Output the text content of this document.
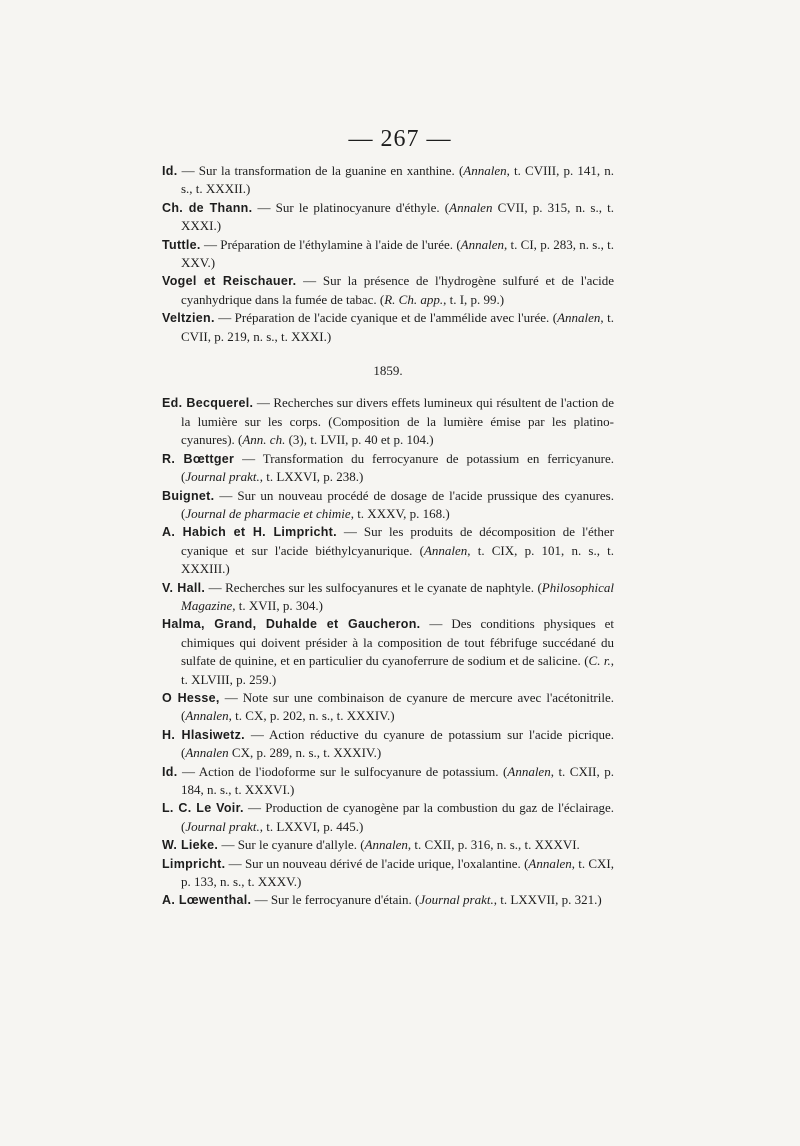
— 267 —

Id. — Sur la transformation de la guanine en xanthine. (Annalen, t. CVIII, p. 141, n. s., t. XXXII.)

Ch. de Thann. — Sur le platinocyanure d'éthyle. (Annalen CVII, p. 315, n. s., t. XXXI.)

Tuttle. — Préparation de l'éthylamine à l'aide de l'urée. (Annalen, t. CI, p. 283, n. s., t. XXV.)

Vogel et Reischauer. — Sur la présence de l'hydrogène sulfuré et de l'acide cyanhydrique dans la fumée de tabac. (R. Ch. app., t. I, p. 99.)

Veltzien. — Préparation de l'acide cyanique et de l'ammélide avec l'urée. (Annalen, t. CVII, p. 219, n. s., t. XXXI.)

1859.

Ed. Becquerel. — Recherches sur divers effets lumineux qui résultent de l'action de la lumière sur les corps. (Composition de la lumière émise par les platino-cyanures). (Ann. ch. (3), t. LVII, p. 40 et p. 104.)

R. Bœttger — Transformation du ferrocyanure de potassium en ferricyanure. (Journal prakt., t. LXXVI, p. 238.)

Buignet. — Sur un nouveau procédé de dosage de l'acide prussique des cyanures. (Journal de pharmacie et chimie, t. XXXV, p. 168.)

A. Habich et H. Limpricht. — Sur les produits de décomposition de l'éther cyanique et sur l'acide biéthylcyanurique. (Annalen, t. CIX, p. 101, n. s., t. XXXIII.)

V. Hall. — Recherches sur les sulfocyanures et le cyanate de naphtyle. (Philosophical Magazine, t. XVII, p. 304.)

Halma, Grand, Duhalde et Gaucheron. — Des conditions physiques et chimiques qui doivent présider à la composition de tout fébrifuge succédané du sulfate de quinine, et en particulier du cyanoferrure de sodium et de salicine. (C. r., t. XLVIII, p. 259.)

O Hesse, — Note sur une combinaison de cyanure de mercure avec l'acétonitrile. (Annalen, t. CX, p. 202, n. s., t. XXXIV.)

H. Hlasiwetz. — Action réductive du cyanure de potassium sur l'acide picrique. (Annalen CX, p. 289, n. s., t. XXXIV.)

Id. — Action de l'iodoforme sur le sulfocyanure de potassium. (Annalen, t. CXII, p. 184, n. s., t. XXXVI.)

L. C. Le Voir. — Production de cyanogène par la combustion du gaz de l'éclairage. (Journal prakt., t. LXXVI, p. 445.)

W. Lieke. — Sur le cyanure d'allyle. (Annalen, t. CXII, p. 316, n. s., t. XXXVI.

Limpricht. — Sur un nouveau dérivé de l'acide urique, l'oxalantine. (Annalen, t. CXI, p. 133, n. s., t. XXXV.)

A. Lœwenthal. — Sur le ferrocyanure d'étain. (Journal prakt., t. LXXVII, p. 321.)
